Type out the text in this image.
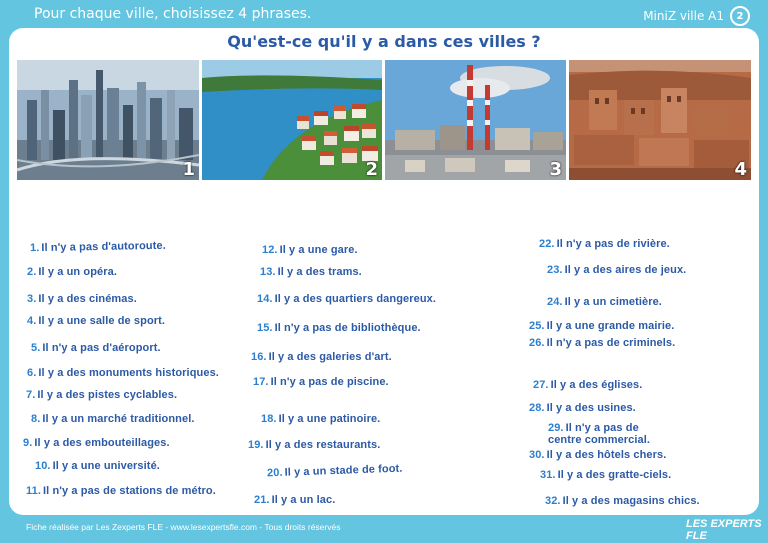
Pour chaque ville, choisissez 4 phrases.	MiniZ ville A1	2
Qu'est-ce qu'il y a dans ces villes ?
1	2	3	4
1. Il n'y a pas d'autoroute.
2. Il y a un opéra.
3. Il y a des cinémas.
4. Il y a une salle de sport.
5. Il n'y a pas d'aéroport.
6. Il y a des monuments historiques.
7. Il y a des pistes cyclables.
8. Il y a un marché traditionnel.
9. Il y a des embouteillages.
10. Il y a une université.
11. Il n'y a pas de stations de métro.
12. Il y a une gare.
13. Il y a des trams.
14. Il y a des quartiers dangereux.
15. Il n'y a pas de bibliothèque.
16. Il y a des galeries d'art.
17. Il n'y a pas de piscine.
18. Il y a une patinoire.
19. Il y a des restaurants.
20. Il y a un stade de foot.
21. Il y a un lac.
22. Il n'y a pas de rivière.
23. Il y a des aires de jeux.
24. Il y a un cimetière.
25. Il y a une grande mairie.
26. Il n'y a pas de criminels.
27. Il y a des églises.
28. Il y a des usines.
29. Il n'y a pas de centre commercial.
30. Il y a des hôtels chers.
31. Il y a des gratte-ciels.
32. Il y a des magasins chics.
Fiche réalisée par Les Zexperts FLE - www.lesexpertsfle.com - Tous droits réservés	LES EXPERTS FLE
